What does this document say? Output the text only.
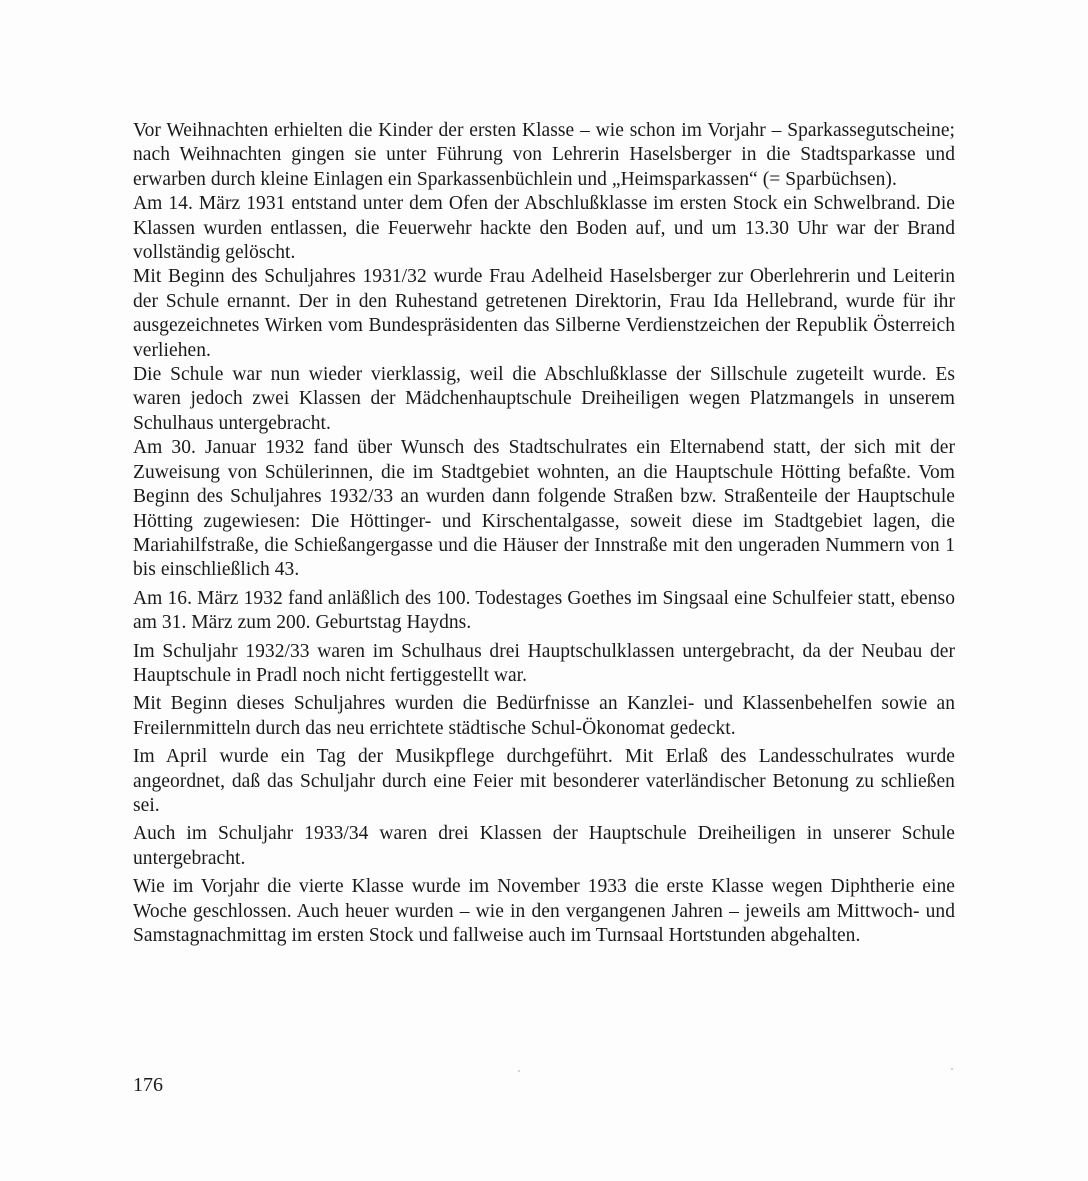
Vor Weihnachten erhielten die Kinder der ersten Klasse – wie schon im Vorjahr – Sparkassegutscheine; nach Weihnachten gingen sie unter Führung von Lehrerin Haselsberger in die Stadtsparkasse und erwarben durch kleine Einlagen ein Sparkassenbüchlein und „Heimsparkassen“ (= Sparbüchsen).

Am 14. März 1931 entstand unter dem Ofen der Abschlußklasse im ersten Stock ein Schwelbrand. Die Klassen wurden entlassen, die Feuerwehr hackte den Boden auf, und um 13.30 Uhr war der Brand vollständig gelöscht.

Mit Beginn des Schuljahres 1931/32 wurde Frau Adelheid Haselsberger zur Oberlehrerin und Leiterin der Schule ernannt. Der in den Ruhestand getretenen Direktorin, Frau Ida Hellebrand, wurde für ihr ausgezeichnetes Wirken vom Bundespräsidenten das Silberne Verdienstzeichen der Republik Österreich verliehen.

Die Schule war nun wieder vierklassig, weil die Abschlußklasse der Sillschule zugeteilt wurde. Es waren jedoch zwei Klassen der Mädchenhauptschule Dreiheiligen wegen Platzmangels in unserem Schulhaus untergebracht.

Am 30. Januar 1932 fand über Wunsch des Stadtschulrates ein Elternabend statt, der sich mit der Zuweisung von Schülerinnen, die im Stadtgebiet wohnten, an die Hauptschule Hötting befaßte. Vom Beginn des Schuljahres 1932/33 an wurden dann folgende Straßen bzw. Straßenteile der Hauptschule Hötting zugewiesen: Die Höttinger- und Kirschentalgasse, soweit diese im Stadtgebiet lagen, die Mariahilfstraße, die Schießangergasse und die Häuser der Innstraße mit den ungeraden Nummern von 1 bis einschließlich 43.

Am 16. März 1932 fand anläßlich des 100. Todestages Goethes im Singsaal eine Schulfeier statt, ebenso am 31. März zum 200. Geburtstag Haydns.

Im Schuljahr 1932/33 waren im Schulhaus drei Hauptschulklassen untergebracht, da der Neubau der Hauptschule in Pradl noch nicht fertiggestellt war.

Mit Beginn dieses Schuljahres wurden die Bedürfnisse an Kanzlei- und Klassenbehelfen sowie an Freilernmitteln durch das neu errichtete städtische Schul-Ökonomat gedeckt.

Im April wurde ein Tag der Musikpflege durchgeführt. Mit Erlaß des Landesschulrates wurde angeordnet, daß das Schuljahr durch eine Feier mit besonderer vaterländischer Betonung zu schließen sei.

Auch im Schuljahr 1933/34 waren drei Klassen der Hauptschule Dreiheiligen in unserer Schule untergebracht.

Wie im Vorjahr die vierte Klasse wurde im November 1933 die erste Klasse wegen Diphtherie eine Woche geschlossen. Auch heuer wurden – wie in den vergangenen Jahren – jeweils am Mittwoch- und Samstagnachmittag im ersten Stock und fallweise auch im Turnsaal Hortstunden abgehalten.

176
